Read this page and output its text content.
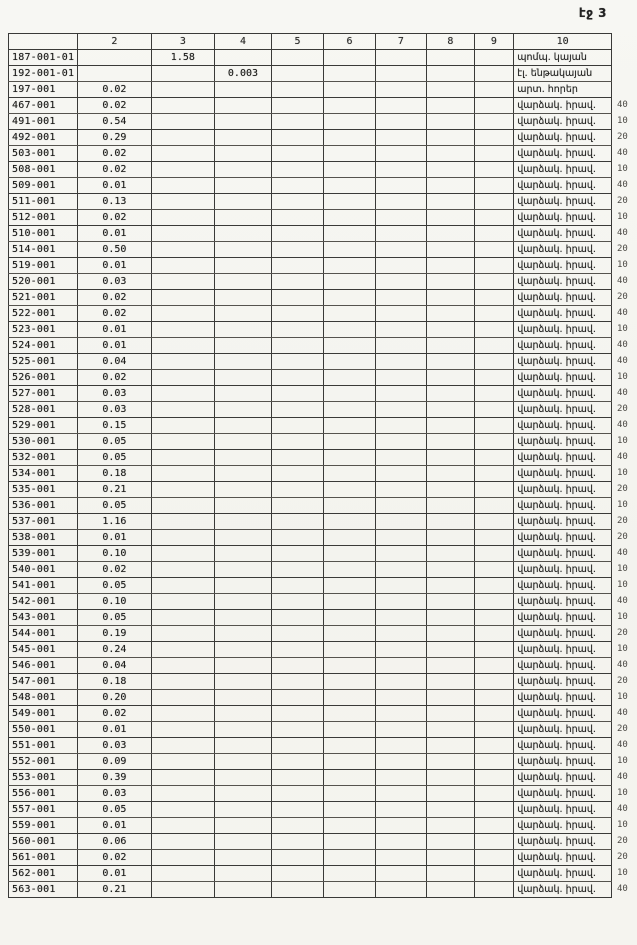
էջ 3
	2	3	4	5	6	7	8	9	10	
187-001-01		1.58							պոմպ. կայան	
192-001-01			0.003						էլ. ենթակայան	
197-001	0.02								արտ. հորեր	
467-001	0.02								վարձակ. իրավ.	40
491-001	0.54								վարձակ. իրավ.	10
492-001	0.29								վարձակ. իրավ.	20
503-001	0.02								վարձակ. իրավ.	40
508-001	0.02								վարձակ. իրավ.	10
509-001	0.01								վարձակ. իրավ.	40
511-001	0.13								վարձակ. իրավ.	20
512-001	0.02								վարձակ. իրավ.	10
510-001	0.01								վարձակ. իրավ.	40
514-001	0.50								վարձակ. իրավ.	20
519-001	0.01								վարձակ. իրավ.	10
520-001	0.03								վարձակ. իրավ.	40
521-001	0.02								վարձակ. իրավ.	20
522-001	0.02								վարձակ. իրավ.	40
523-001	0.01								վարձակ. իրավ.	10
524-001	0.01								վարձակ. իրավ.	40
525-001	0.04								վարձակ. իրավ.	40
526-001	0.02								վարձակ. իրավ.	10
527-001	0.03								վարձակ. իրավ.	40
528-001	0.03								վարձակ. իրավ.	20
529-001	0.15								վարձակ. իրավ.	40
530-001	0.05								վարձակ. իրավ.	10
532-001	0.05								վարձակ. իրավ.	40
534-001	0.18								վարձակ. իրավ.	10
535-001	0.21								վարձակ. իրավ.	20
536-001	0.05								վարձակ. իրավ.	10
537-001	1.16								վարձակ. իրավ.	20
538-001	0.01								վարձակ. իրավ.	20
539-001	0.10								վարձակ. իրավ.	40
540-001	0.02								վարձակ. իրավ.	10
541-001	0.05								վարձակ. իրավ.	10
542-001	0.10								վարձակ. իրավ.	40
543-001	0.05								վարձակ. իրավ.	10
544-001	0.19								վարձակ. իրավ.	20
545-001	0.24								վարձակ. իրավ.	10
546-001	0.04								վարձակ. իրավ.	40
547-001	0.18								վարձակ. իրավ.	20
548-001	0.20								վարձակ. իրավ.	10
549-001	0.02								վարձակ. իրավ.	40
550-001	0.01								վարձակ. իրավ.	20
551-001	0.03								վարձակ. իրավ.	40
552-001	0.09								վարձակ. իրավ.	10
553-001	0.39								վարձակ. իրավ.	40
556-001	0.03								վարձակ. իրավ.	10
557-001	0.05								վարձակ. իրավ.	40
559-001	0.01								վարձակ. իրավ.	10
560-001	0.06								վարձակ. իրավ.	20
561-001	0.02								վարձակ. իրավ.	20
562-001	0.01								վարձակ. իրավ.	10
563-001	0.21								վարձակ. իրավ.	40
